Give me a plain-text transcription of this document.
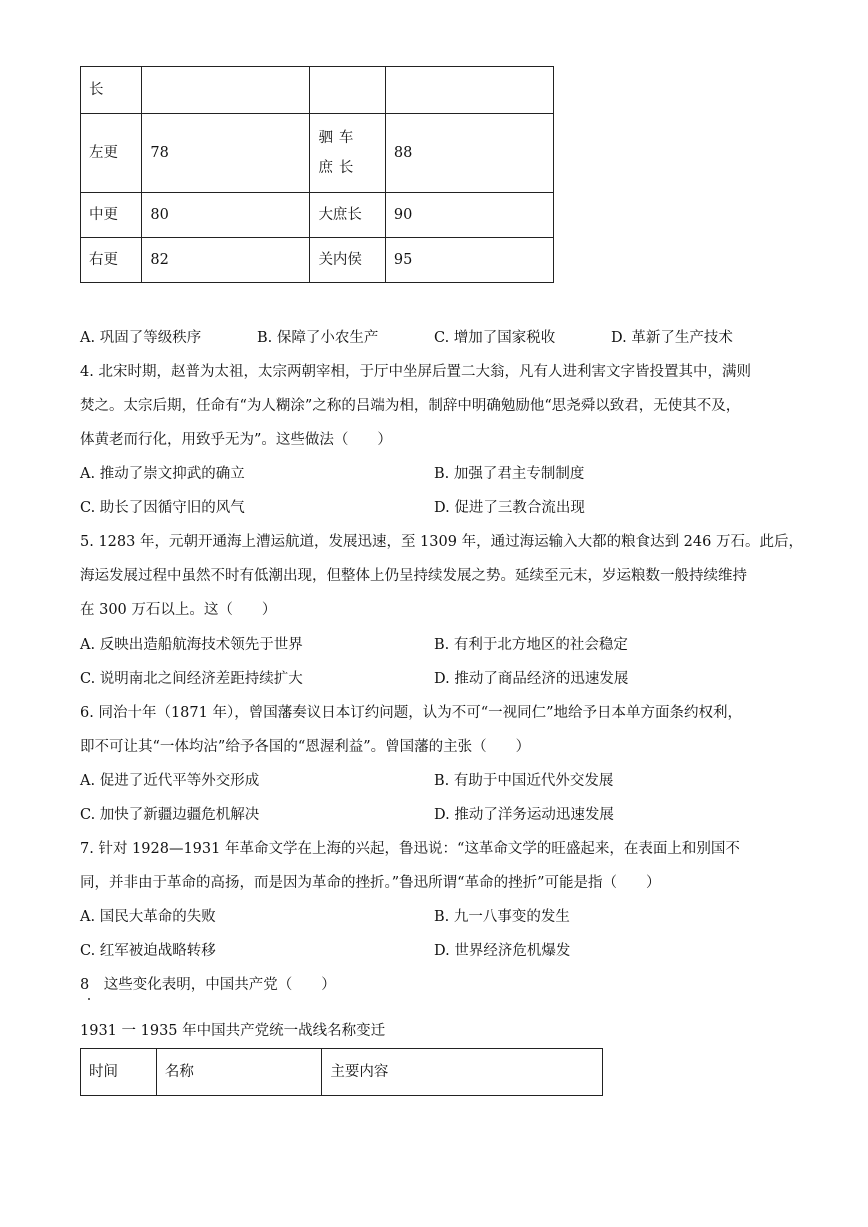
长			
左更	78	驷车庶长	88
中更	80	大庶长	90
右更	82	关内侯	95
A. 巩固了等级秩序	B. 保障了小农生产	C. 增加了国家税收	D. 革新了生产技术
4. 北宋时期，赵普为太祖，太宗两朝宰相，于厅中坐屏后置二大翁，凡有人进利害文字皆投置其中，满则
焚之。太宗后期，任命有“为人糊涂”之称的吕端为相，制辞中明确勉励他“思尧舜以致君，无使其不及，
体黄老而行化，用致乎无为”。这些做法（　　）
A. 推动了崇文抑武的确立	B. 加强了君主专制制度
C. 助长了因循守旧的风气	D. 促进了三教合流出现
5. 1283 年，元朝开通海上漕运航道，发展迅速，至 1309 年，通过海运输入大都的粮食达到 246 万石。此后，
海运发展过程中虽然不时有低潮出现，但整体上仍呈持续发展之势。延续至元末，岁运粮数一般持续维持
在 300 万石以上。这（　　）
A. 反映出造船航海技术领先于世界	B. 有利于北方地区的社会稳定
C. 说明南北之间经济差距持续扩大	D. 推动了商品经济的迅速发展
6. 同治十年（1871 年），曾国藩奏议日本订约问题，认为不可“一视同仁”地给予日本单方面条约权利，
即不可让其“一体均沾”给予各国的“恩渥利益”。曾国藩的主张（　　）
A. 促进了近代平等外交形成	B. 有助于中国近代外交发展
C. 加快了新疆边疆危机解决	D. 推动了洋务运动迅速发展
7. 针对 1928—1931 年革命文学在上海的兴起，鲁迅说：“这革命文学的旺盛起来，在表面上和别国不
同，并非由于革命的高扬，而是因为革命的挫折。”鲁迅所谓“革命的挫折”可能是指（　　）
A. 国民大革命的失败	B. 九一八事变的发生
C. 红军被迫战略转移	D. 世界经济危机爆发
8　这些变化表明，中国共产党（　　）
1931 一 1935 年中国共产党统一战线名称变迁
时间	名称	主要内容
